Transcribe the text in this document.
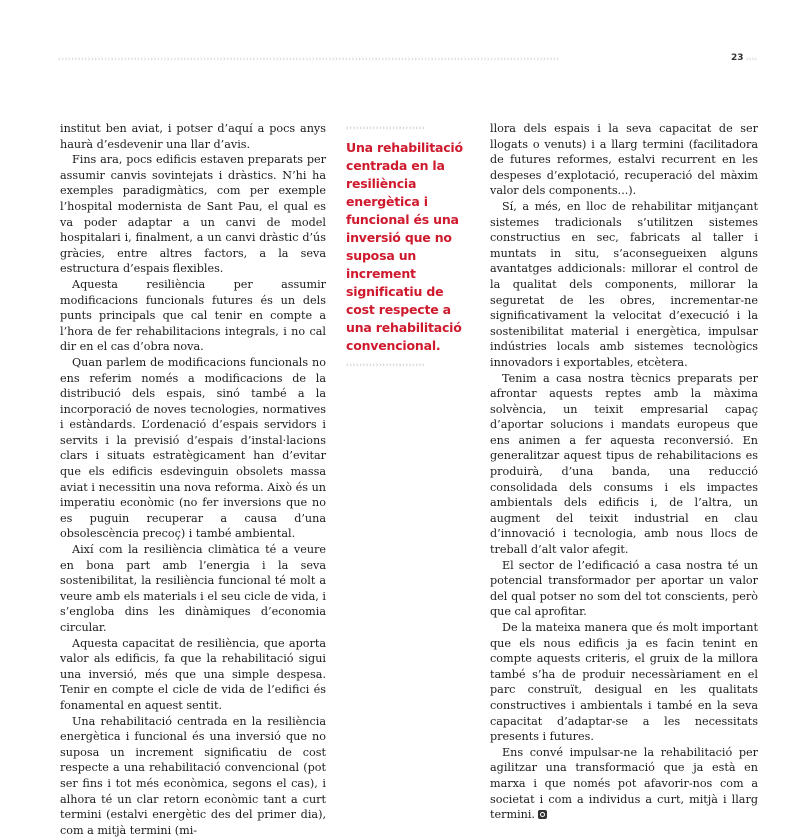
››››››››››››››››››››››››››››››››››››››››››››››››››››››››››››››››››››››››››››››››››››››››››››››››››››››››››››››››››››››››››››››››››››››››››››››››››››››››	23 ››››

institut ben aviat, i potser d’aquí a pocs anys haurà d’esdevenir una llar d’avis.

Fins ara, pocs edificis estaven preparats per assumir canvis sovintejats i dràstics. N’hi ha exemples paradigmàtics, com per exemple l’hospital modernista de Sant Pau, el qual es va poder adaptar a un canvi de model hospitalari i, finalment, a un canvi dràstic d’ús gràcies, entre altres factors, a la seva estructura d’espais flexibles.

Aquesta resiliència per assumir modificacions funcionals futures és un dels punts principals que cal tenir en compte a l’hora de fer rehabilitacions integrals, i no cal dir en el cas d’obra nova.

Quan parlem de modificacions funcionals no ens referim només a modificacions de la distribució dels espais, sinó també a la incorporació de noves tecnologies, normatives i estàndards. L’ordenació d’espais servidors i servits i la previsió d’espais d’instal·lacions clars i situats estratègicament han d’evitar que els edificis esdevinguin obsolets massa aviat i necessitin una nova reforma. Això és un imperatiu econòmic (no fer inversions que no es puguin recuperar a causa d’una obsolescència precoç) i també ambiental.

Així com la resiliència climàtica té a veure en bona part amb l’energia i la seva sostenibilitat, la resiliència funcional té molt a veure amb els materials i el seu cicle de vida, i s’engloba dins les dinàmiques d’economia circular.

Aquesta capacitat de resiliència, que aporta valor als edificis, fa que la rehabilitació sigui una inversió, més que una simple despesa. Tenir en compte el cicle de vida de l’edifici és fonamental en aquest sentit.

Una rehabilitació centrada en la resiliència energètica i funcional és una inversió que no suposa un increment significatiu de cost respecte a una rehabilitació convencional (pot ser fins i tot més econòmica, segons el cas), i alhora té un clar retorn econòmic tant a curt termini (estalvi energètic des del primer dia), com a mitjà termini (mi-

››››››››››››››››››››››››
Una rehabilitació centrada en la resiliència energètica i funcional és una inversió que no suposa un increment significatiu de cost respecte a una rehabilitació convencional.
››››››››››››››››››››››››

llora dels espais i la seva capacitat de ser llogats o venuts) i a llarg termini (facilitadora de futures reformes, estalvi recurrent en les despeses d’explotació, recuperació del màxim valor dels components...).

Sí, a més, en lloc de rehabilitar mitjançant sistemes tradicionals s’utilitzen sistemes constructius en sec, fabricats al taller i muntats in situ, s’aconsegueixen alguns avantatges addicionals: millorar el control de la qualitat dels components, millorar la seguretat de les obres, incrementar-ne significativament la velocitat d’execució i la sostenibilitat material i energètica, impulsar indústries locals amb sistemes tecnològics innovadors i exportables, etcètera.

Tenim a casa nostra tècnics preparats per afrontar aquests reptes amb la màxima solvència, un teixit empresarial capaç d’aportar solucions i mandats europeus que ens animen a fer aquesta reconversió. En generalitzar aquest tipus de rehabilitacions es produirà, d’una banda, una reducció consolidada dels consums i els impactes ambientals dels edificis i, de l’altra, un augment del teixit industrial en clau d’innovació i tecnologia, amb nous llocs de treball d’alt valor afegit.

El sector de l’edificació a casa nostra té un potencial transformador per aportar un valor del qual potser no som del tot conscients, però que cal aprofitar.

De la mateixa manera que és molt important que els nous edificis ja es facin tenint en compte aquests criteris, el gruix de la millora també s’ha de produir necessàriament en el parc construït, desigual en les qualitats constructives i ambientals i també en la seva capacitat d’adaptar-se a les necessitats presents i futures.

Ens convé impulsar-ne la rehabilitació per agilitzar una transformació que ja està en marxa i que només pot afavorir-nos com a societat i com a individus a curt, mitjà i llarg termini.
